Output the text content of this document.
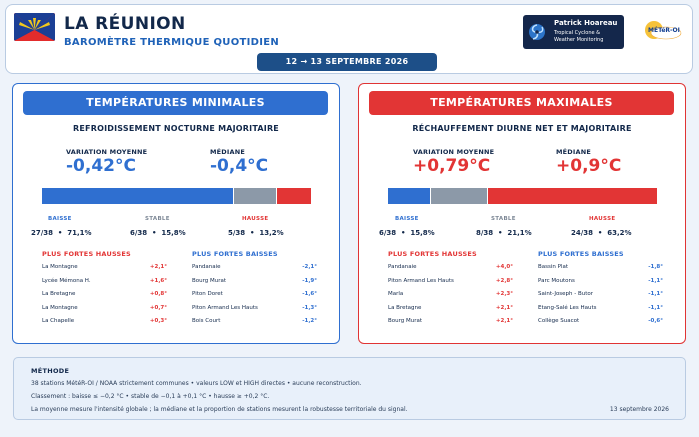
LA RÉUNION
BAROMÈTRE THERMIQUE QUOTIDIEN
12 → 13 SEPTEMBRE 2026
Patrick Hoareau
Tropical Cyclone &
Weather Monitoring
MÉTéR-OI
TEMPÉRATURES MINIMALES
REFROIDISSEMENT NOCTURNE MAJORITAIRE
VARIATION MOYENNE
-0,42°C
MÉDIANE
-0,4°C
BAISSE
27/38  •  71,1%
STABLE
6/38  •  15,8%
HAUSSE
5/38  •  13,2%
PLUS FORTES HAUSSES	PLUS FORTES BAISSES
La Montagne	+2,1°
Lycée Mémona H.	+1,6°
La Bretagne	+0,8°
La Montagne	+0,7°
La Chapelle	+0,3°
Pandanaie	-2,1°
Bourg Murat	-1,9°
Piton Doret	-1,6°
Piton Armand Les Hauts	-1,3°
Bois Court	-1,2°
TEMPÉRATURES MAXIMALES
RÉCHAUFFEMENT DIURNE NET ET MAJORITAIRE
VARIATION MOYENNE
+0,79°C
MÉDIANE
+0,9°C
BAISSE
6/38  •  15,8%
STABLE
8/38  •  21,1%
HAUSSE
24/38  •  63,2%
PLUS FORTES HAUSSES	PLUS FORTES BAISSES
Pandanaie	+4,0°
Piton Armand Les Hauts	+2,8°
Marla	+2,3°
La Bretagne	+2,1°
Bourg Murat	+2,1°
Bassin Plat	-1,8°
Parc Moutons	-1,1°
Saint-Joseph - Butor	-1,1°
Etang-Salé Les Hauts	-1,1°
Collège Suacot	-0,6°
MÉTHODE
38 stations MétéR-OI / NOAA strictement communes • valeurs LOW et HIGH directes • aucune reconstruction.
Classement : baisse ≤ −0,2 °C • stable de −0,1 à +0,1 °C • hausse ≥ +0,2 °C.
La moyenne mesure l'intensité globale ; la médiane et la proportion de stations mesurent la robustesse territoriale du signal.	13 septembre 2026
